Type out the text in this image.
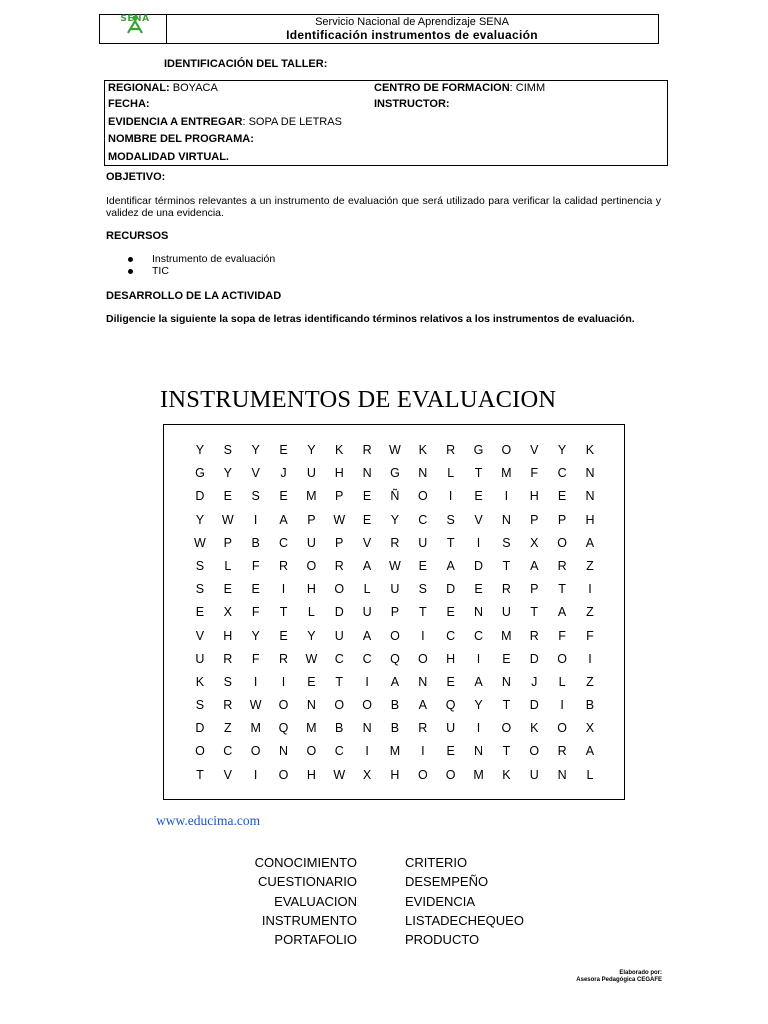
SENA	Servicio Nacional de Aprendizaje SENA
Identificación instrumentos de evaluación
IDENTIFICACIÓN DEL TALLER:
REGIONAL: BOYACA	CENTRO DE FORMACION: CIMM
FECHA:	INSTRUCTOR:
EVIDENCIA A ENTREGAR: SOPA DE LETRAS
NOMBRE DEL PROGRAMA:
MODALIDAD VIRTUAL.
OBJETIVO:
Identificar términos relevantes a un instrumento de evaluación que será utilizado para verificar la calidad pertinencia y validez de una evidencia.
RECURSOS
Instrumento de evaluación
TIC
DESARROLLO DE LA ACTIVIDAD
Diligencie la siguiente la sopa de letras identificando términos relativos a los instrumentos de evaluación.
INSTRUMENTOS DE EVALUACION
Y	S	Y	E	Y	K	R	W	K	R	G	O	V	Y	K
G	Y	V	J	U	H	N	G	N	L	T	M	F	C	N
D	E	S	E	M	P	E	Ñ	O	I	E	I	H	E	N
Y	W	I	A	P	W	E	Y	C	S	V	N	P	P	H
W	P	B	C	U	P	V	R	U	T	I	S	X	O	A
S	L	F	R	O	R	A	W	E	A	D	T	A	R	Z
S	E	E	I	H	O	L	U	S	D	E	R	P	T	I
E	X	F	T	L	D	U	P	T	E	N	U	T	A	Z
V	H	Y	E	Y	U	A	O	I	C	C	M	R	F	F
U	R	F	R	W	C	C	Q	O	H	I	E	D	O	I
K	S	I	I	E	T	I	A	N	E	A	N	J	L	Z
S	R	W	O	N	O	O	B	A	Q	Y	T	D	I	B
D	Z	M	Q	M	B	N	B	R	U	I	O	K	O	X
O	C	O	N	O	C	I	M	I	E	N	T	O	R	A
T	V	I	O	H	W	X	H	O	O	M	K	U	N	L
www.educima.com
CONOCIMIENTO
CUESTIONARIO
EVALUACION
INSTRUMENTO
PORTAFOLIO
CRITERIO
DESEMPEÑO
EVIDENCIA
LISTADECHEQUEO
PRODUCTO
Elaborado por:
Asesora Pedagógica CEGAFE
